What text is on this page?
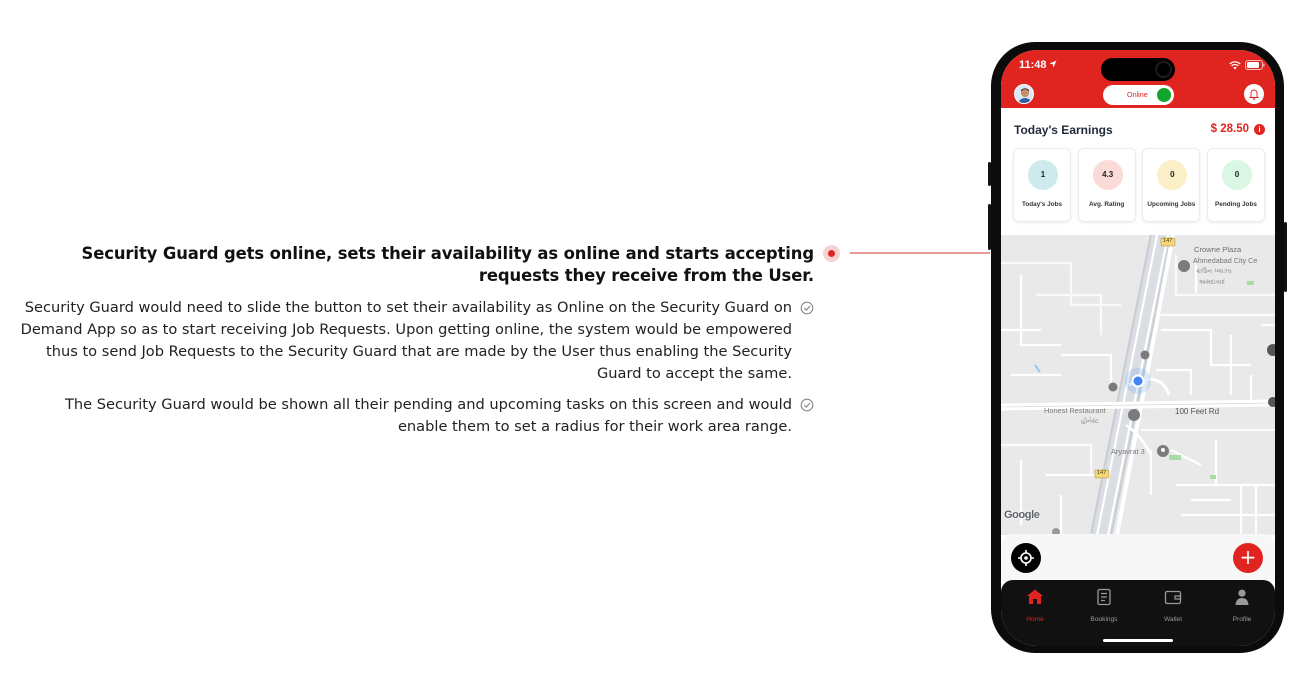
Security Guard gets online, sets their availability as online and starts accepting requests they receive from the User.
Security Guard would need to slide the button to set their availability as Online on the Security Guard on Demand App so as to start receiving Job Requests. Upon getting online, the system would be empowered thus to send Job Requests to the Security Guard that are made by the User thus enabling the Security Guard to accept the same.
The Security Guard would be shown all their pending and upcoming tasks on this screen and would enable them to set a radius for their work area range.
11:48
Online
Today's Earnings	$ 28.50	i
1
Today's Jobs
4.3
Avg. Rating
0
Upcoming Jobs
0
Pending Jobs
147
147
Crowne Plaza
Ahmedabad City Ce
ક્રાઉન પ્લાઝા
અમદાવાદ
Honest Restaurant
હોનેસ્ટ
100 Feet Rd
Aryavrat 3
Google
+
Home	Bookings	Wallet	Profile
